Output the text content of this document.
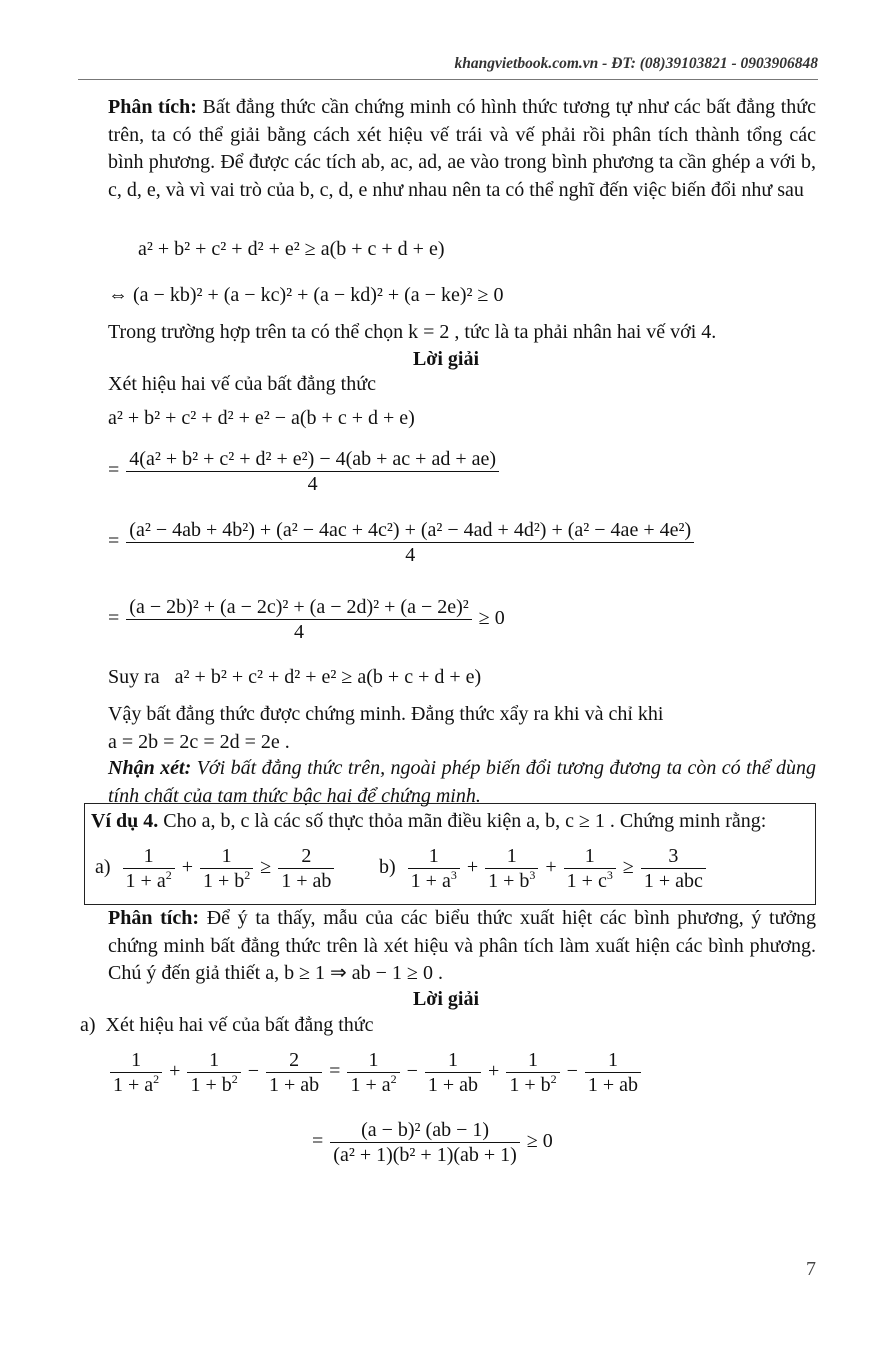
khangvietbook.com.vn - ĐT: (08)39103821 - 0903906848
Phân tích: Bất đẳng thức cần chứng minh có hình thức tương tự như các bất đẳng thức trên, ta có thể giải bằng cách xét hiệu vế trái và vế phải rồi phân tích thành tổng các bình phương. Để được các tích ab, ac, ad, ae vào trong bình phương ta cần ghép a với b, c, d, e, và vì vai trò của b, c, d, e như nhau nên ta có thể nghĩ đến việc biến đổi như sau
a² + b² + c² + d² + e² ≥ a(b + c + d + e)
⇔ (a − kb)² + (a − kc)² + (a − kd)² + (a − ke)² ≥ 0
Trong trường hợp trên ta có thể chọn k = 2 , tức là ta phải nhân hai vế với 4.
Lời giải
Xét hiệu hai vế của bất đẳng thức
a² + b² + c² + d² + e² − a(b + c + d + e)
= $\frac{\text{4(a² + b² + c² + d² + e²) − 4(ab + ac + ad + ae)}}{4}$
=
(a² − 4ab + 4b²) + (a² − 4ac + 4c²) + (a² − 4ad + 4d²) + (a² − 4ae + 4e²)
4
= $\frac{\text{(a − 2b)² + (a − 2c)² + (a − 2d)² + (a − 2e)²}}{4} \ge 0$
Suy ra a² + b² + c² + d² + e² ≥ a(b + c + d + e)
Vậy bất đẳng thức được chứng minh. Đẳng thức xẩy ra khi và chỉ khi
a = 2b = 2c = 2d = 2e .
Nhận xét: Với bất đẳng thức trên, ngoài phép biến đổi tương đương ta còn có thể dùng tính chất của tam thức bậc hai để chứng minh.
Ví dụ 4. Cho a, b, c là các số thực thỏa mãn điều kiện a, b, c ≥ 1 . Chứng minh rằng:
$a) \frac{1}{1 + a^2} + \frac{1}{1 + b^2} \ge \frac{2}{1 + ab} b) \frac{1}{1 + a^3} + \frac{1}{1 + b^3} + \frac{1}{1 + c^3} \ge \frac{3}{\text{1 + abc}}$
Phân tích: Để ý ta thấy, mẫu của các biểu thức xuất hiệt các bình phương, ý tưởng chứng minh bất đẳng thức trên là xét hiệu và phân tích làm xuất hiện các bình phương. Chú ý đến giả thiết a, b ≥ 1 ⇒ ab − 1 ≥ 0 .
Lời giải
a) Xét hiệu hai vế của bất đẳng thức
$\frac{1}{1 + a^2} + \frac{1}{1 + b^2} - \frac{2}{1 + ab} = \frac{1}{1 + a^2} - \frac{1}{1 + ab} + \frac{1}{1 + b^2} - \frac{1}{1 + ab}$
= $\frac{\text{(a − b)² (ab − 1)}}{\text{(a² + 1)(b² + 1)(ab + 1)}} \ge 0$
7
